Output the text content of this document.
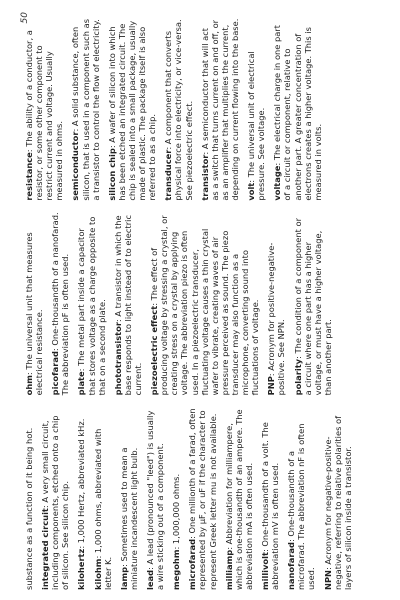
50

substance as a function of it being hot. integrated circuit: A very small circuit, including components, etched onto a chip of silicon. See silicon chip. kilohertz: 1,000 Hertz, abbreviated kHz.

kilohm: 1,000 ohms, abbreviated with letter K. lamp: Sometimes used to mean a miniature incandescent light bulb. lead: A lead (pronounced "leed") is usually a wire sticking out of a component. megohm: 1,000,000 ohms.

microfarad: One millionth of a farad, often represented by µF, or uF if the character to represent Greek letter mu is not available. milliamp: Abbreviation for milliampere, which is one-thousandth of an ampere. The abbreviation mA is often used. millivolt: One-thousandth of a volt. The abbreviation mV is often used. nanofarad: One-thousandth of a microfarad. The abbreviation nF is often used. NPN: Acronym for negative-positive-negative, referring to relative polarities of layers of silicon inside a transistor.

ohm: The universal unit that measures electrical resistance. picofarad: One-thousandth of a nanofarad. The abbreviation pF is often used. plate: The metal part inside a capacitor that stores voltage as a charge opposite to that on a second plate. phototransistor: A transistor in which the base responds to light instead of to electric current. piezoelectric effect: The effect of producing voltage by stressing a crystal, or creating stress on a crystal by applying voltage. The abbreviation piezo is often used. In a piezoelectric transducer, fluctuating voltage causes a thin crystal wafer to vibrate, creating waves of air pressure perceived as sound. The piezo transducer may also function as a microphone, converting sound into fluctuations of voltage. PNP: Acronym for positive-negative-positive. See NPN. polarity: The condition of a component or a circuit where one part has a higher voltage, or must have a higher voltage, than another part.

resistance: The ability of a conductor, a resistor, or some other component to restrict current and voltage. Usually measured in ohms. semiconductor: A solid substance, often silicon, that is used in a component such as a transistor to control the flow of electricity. silicon chip: A wafer of silicon into which has been etched an integrated circuit. The chip is sealed into a small package, usually made of plastic. The package itself is also referred to as a chip. transducer: A component that converts physical force into electricity, or vice-versa. See piezoelectric effect. transistor: A semiconductor that will act as a switch that turns current on and off, or as an amplifier that multiplies the current, depending on current flowing into the base. volt: The universal unit of electrical pressure. See voltage. voltage: The electrical charge in one part of a circuit or component, relative to another part. A greater concentration of electrons creates a higher voltage. This is measured in volts.
